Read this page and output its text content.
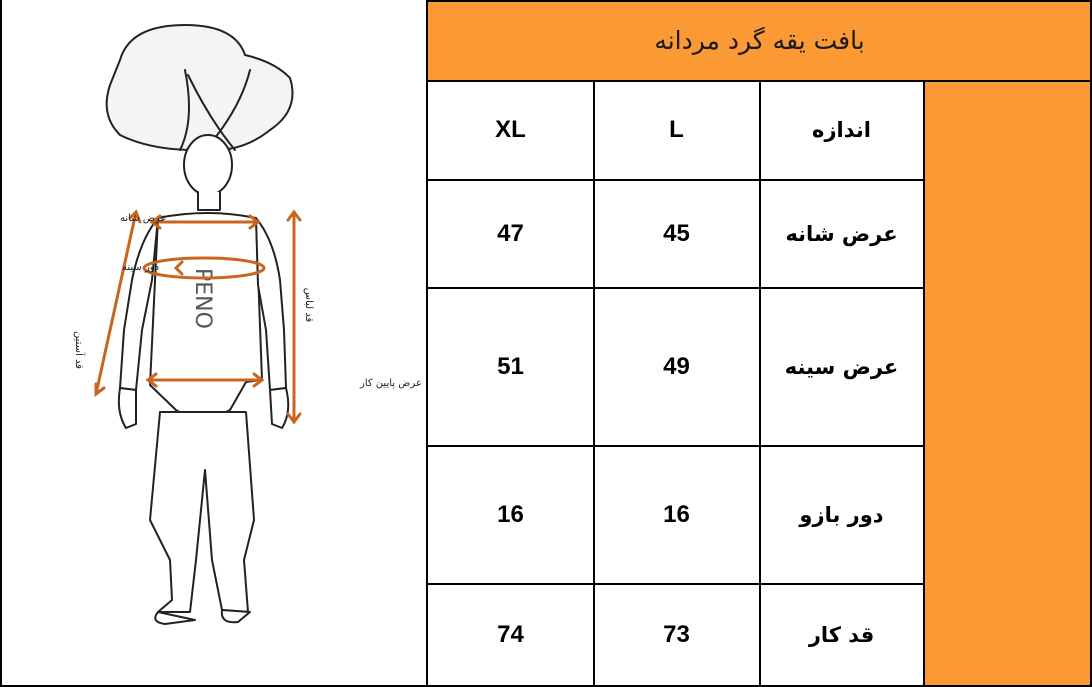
PENO
عرض شانه
دور سینه
قد آستین
قد لباس
عرض پایین کار
بافت یقه گرد مردانه
XL	L	اندازه
47	45	عرض شانه
51	49	عرض سینه
16	16	دور بازو
74	73	قد کار
